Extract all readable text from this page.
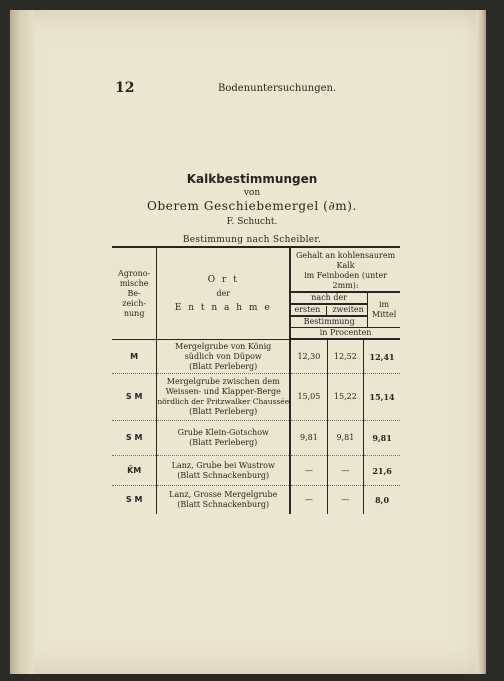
12	Bodenuntersuchungen.
Kalkbestimmungen
von
Oberem Geschiebemergel (∂m).
F. Schucht.
Bestimmung nach Scheibler.
Agrono-
mische
Be-
zeich-
nung

O r t
der
E n t n a h m e

Gehalt an kohlensaurem Kalk
im Feinboden (unter 2mm):
nach der	
im
Mittel

ersten zweiten
Bestimmung
in Procenten

M	
Mergelgrube von König
südlich von Düpow
(Blatt Perleberg)
	12,30	12,52	12,41
S M	
Mergelgrube zwischen dem
Weissen- und Klapper-Berge
nördlich der Pritzwalker Chaussée
(Blatt Perleberg)
	15,05	15,22	15,14
S M	
Grube Klein-Gotschow
(Blatt Perleberg)
	9,81	9,81	9,81
K̄M	
Lanz, Grube bei Wustrow
(Blatt Schnackenburg)
	—	—	21,6
S M	
Lanz, Grosse Mergelgrube
(Blatt Schnackenburg)
	—	—	8,0
